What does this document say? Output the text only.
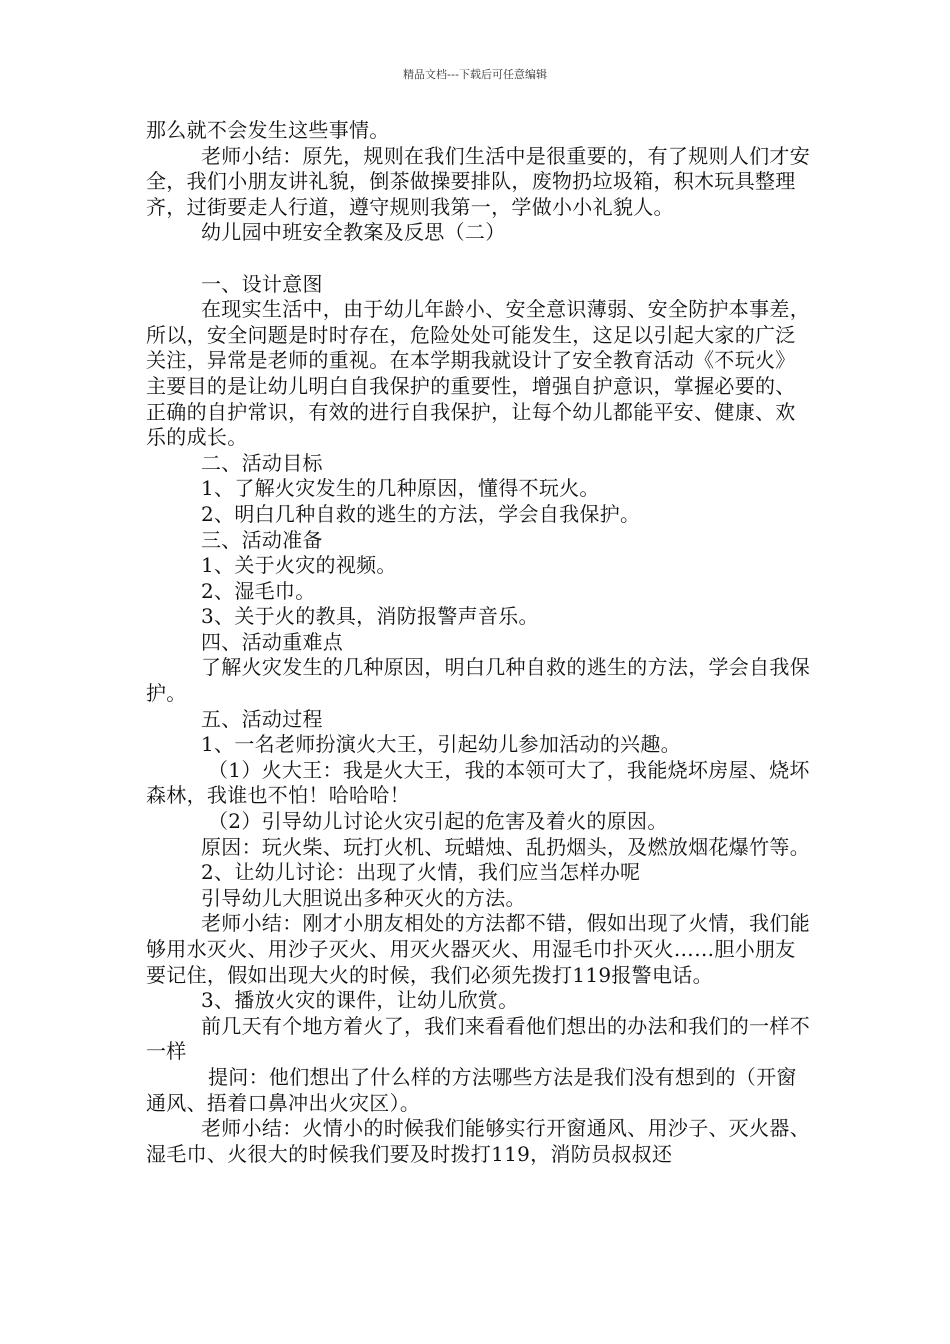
精品文档---下载后可任意编辑

那么就不会发生这些事情。

老师小结：原先，规则在我们生活中是很重要的，有了规则人们才安全，我们小朋友讲礼貌，倒茶做操要排队，废物扔垃圾箱，积木玩具整理齐，过街要走人行道，遵守规则我第一，学做小小礼貌人。

幼儿园中班安全教案及反思（二）

一、设计意图

在现实生活中，由于幼儿年龄小、安全意识薄弱、安全防护本事差，所以，安全问题是时时存在，危险处处可能发生，这足以引起大家的广泛关注，异常是老师的重视。在本学期我就设计了安全教育活动《不玩火》主要目的是让幼儿明白自我保护的重要性，增强自护意识，掌握必要的、正确的自护常识，有效的进行自我保护，让每个幼儿都能平安、健康、欢乐的成长。

二、活动目标

1、了解火灾发生的几种原因，懂得不玩火。

2、明白几种自救的逃生的方法，学会自我保护。

三、活动准备

1、关于火灾的视频。

2、湿毛巾。

3、关于火的教具，消防报警声音乐。

四、活动重难点

了解火灾发生的几种原因，明白几种自救的逃生的方法，学会自我保护。

五、活动过程

1、一名老师扮演火大王，引起幼儿参加活动的兴趣。

（1）火大王：我是火大王，我的本领可大了，我能烧坏房屋、烧坏森林，我谁也不怕！哈哈哈！

（2）引导幼儿讨论火灾引起的危害及着火的原因。

原因：玩火柴、玩打火机、玩蜡烛、乱扔烟头，及燃放烟花爆竹等。

2、让幼儿讨论：出现了火情，我们应当怎样办呢

引导幼儿大胆说出多种灭火的方法。

老师小结：刚才小朋友相处的方法都不错，假如出现了火情，我们能够用水灭火、用沙子灭火、用灭火器灭火、用湿毛巾扑灭火……胆小朋友要记住，假如出现大火的时候，我们必须先拨打119报警电话。

3、播放火灾的课件，让幼儿欣赏。

前几天有个地方着火了，我们来看看他们想出的办法和我们的一样不一样

提问：他们想出了什么样的方法哪些方法是我们没有想到的（开窗通风、捂着口鼻冲出火灾区）。

老师小结：火情小的时候我们能够实行开窗通风、用沙子、灭火器、湿毛巾、火很大的时候我们要及时拨打119，消防员叔叔还
